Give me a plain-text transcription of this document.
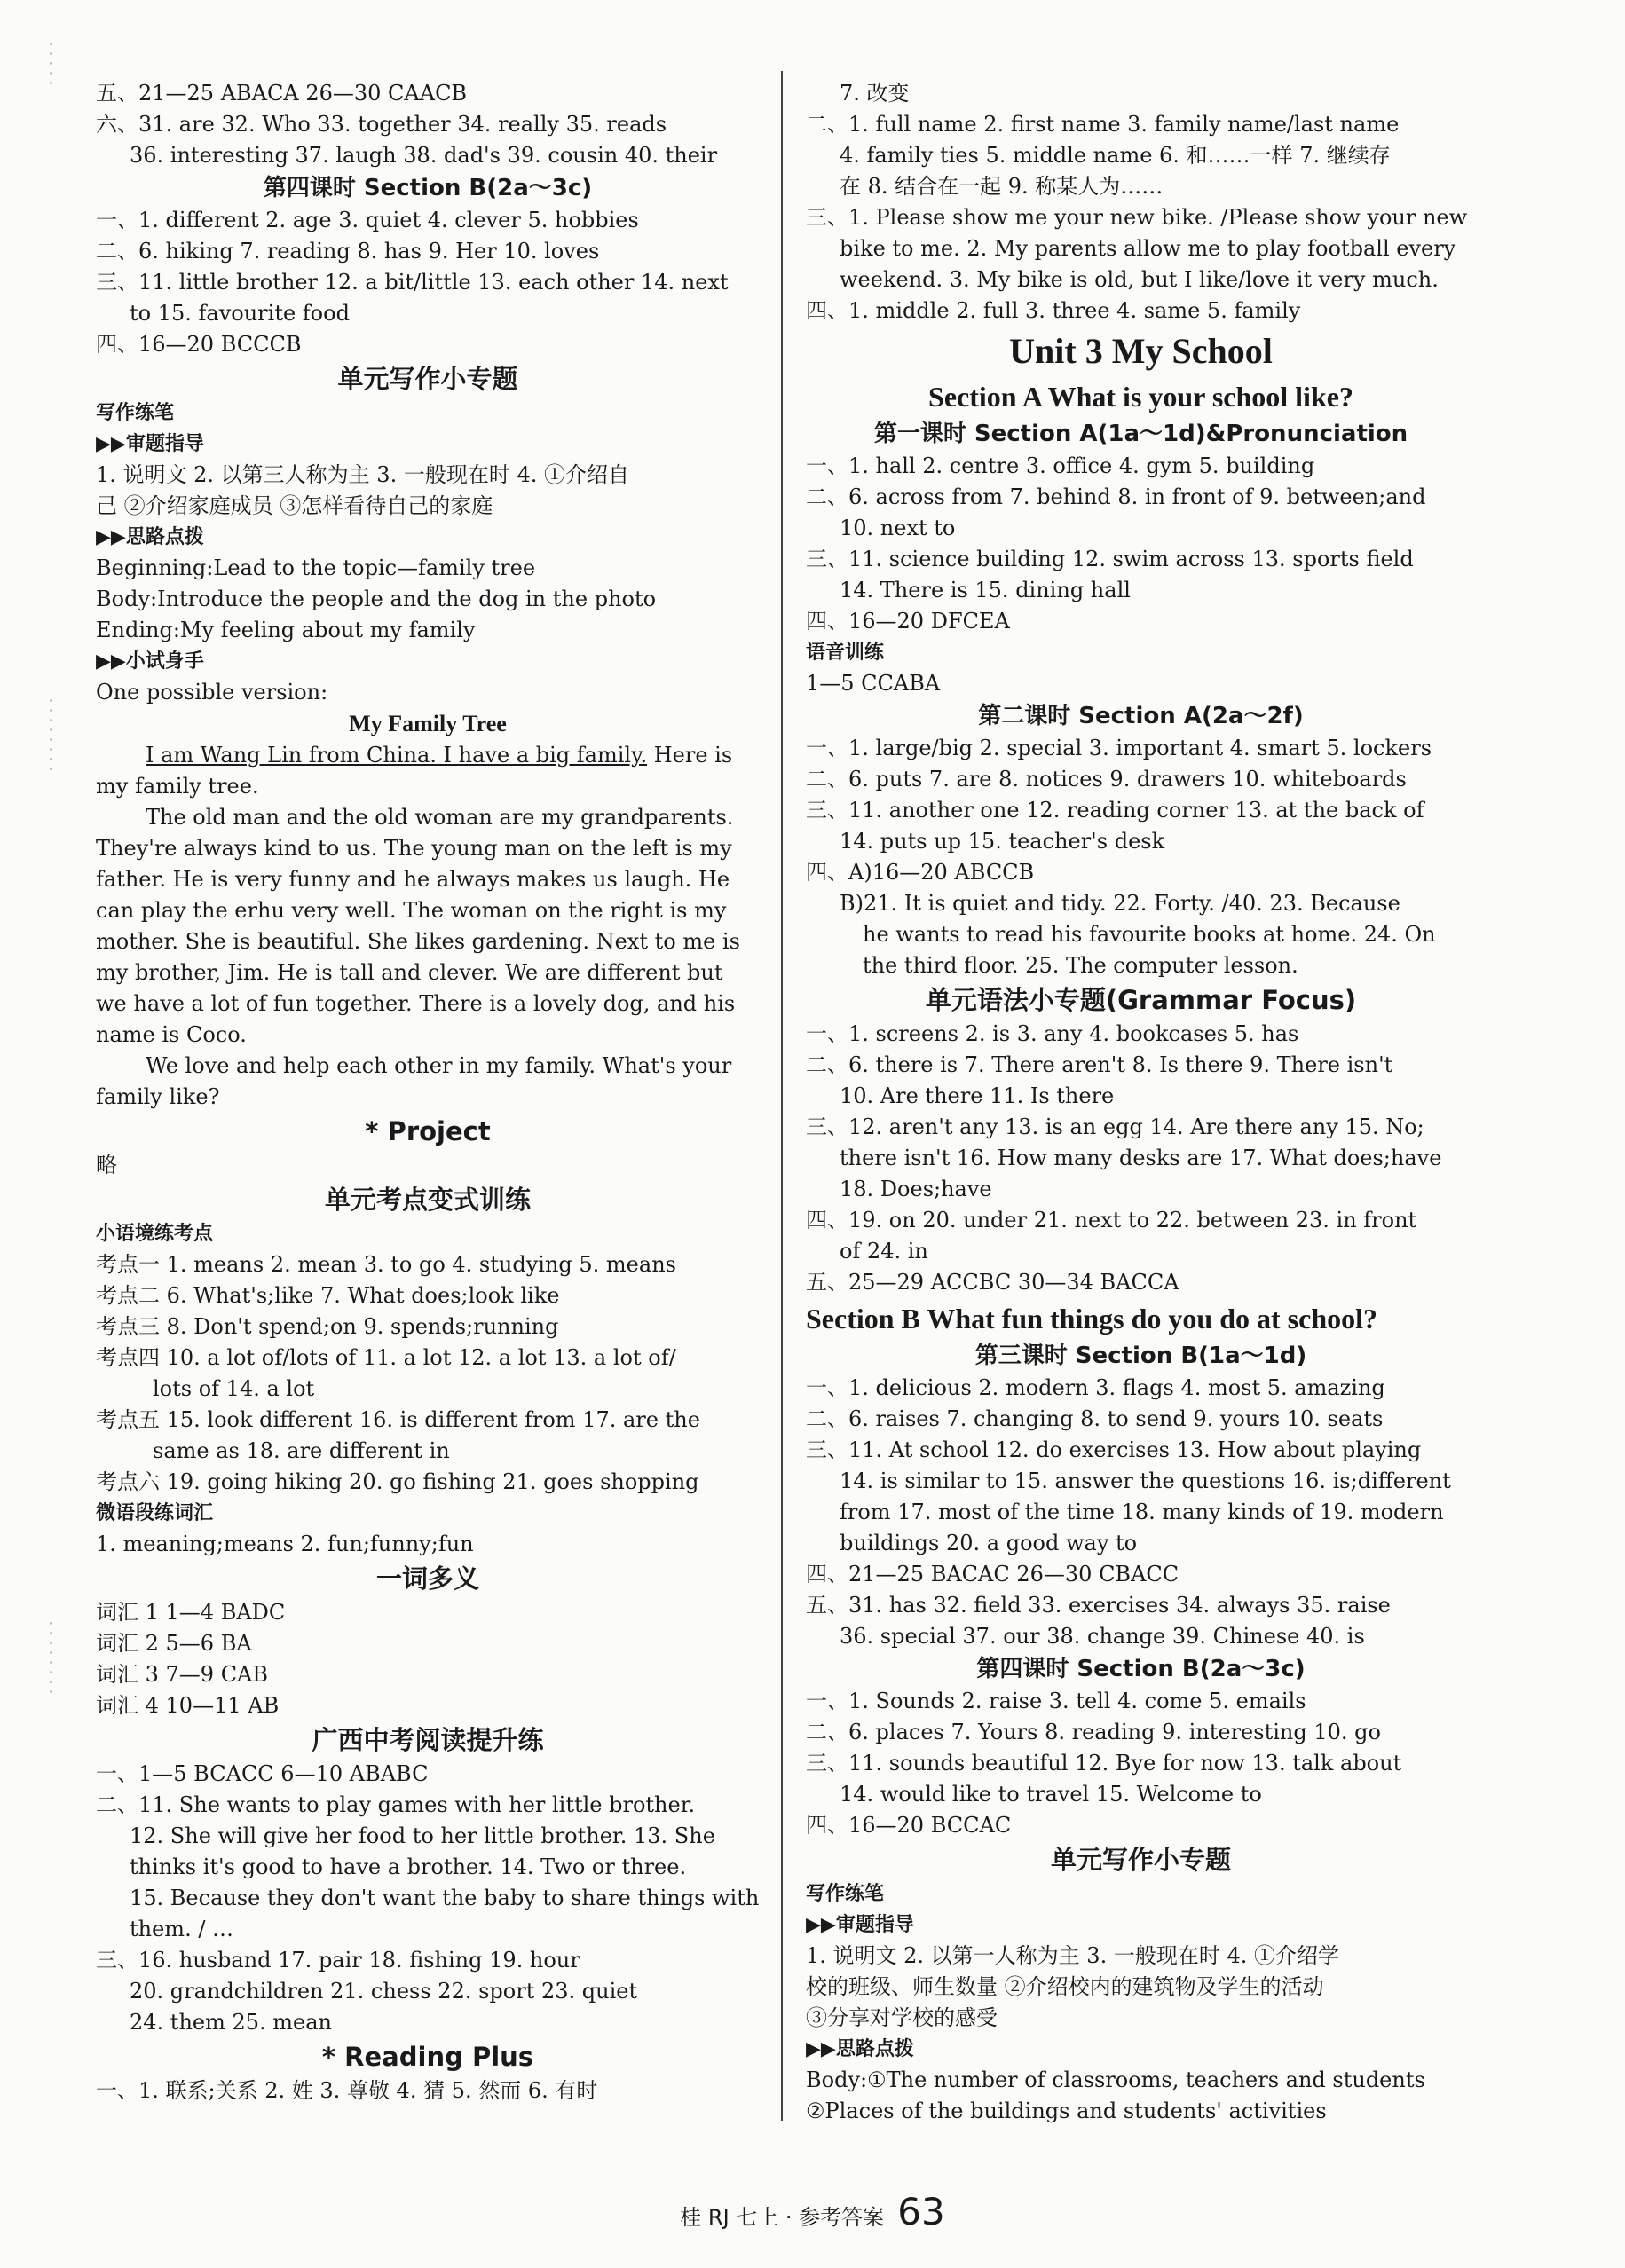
五、21—25 ABACA 26—30 CAACB
六、31. are 32. Who 33. together 34. really 35. reads
36. interesting 37. laugh 38. dad's 39. cousin 40. their
第四课时 Section B(2a～3c)
一、1. different 2. age 3. quiet 4. clever 5. hobbies
二、6. hiking 7. reading 8. has 9. Her 10. loves
三、11. little brother 12. a bit/little 13. each other 14. next
to 15. favourite food
四、16—20 BCCCB
单元写作小专题
写作练笔
▶▶审题指导
1. 说明文 2. 以第三人称为主 3. 一般现在时 4. ①介绍自
己 ②介绍家庭成员 ③怎样看待自己的家庭
▶▶思路点拨
Beginning:Lead to the topic—family tree
Body:Introduce the people and the dog in the photo
Ending:My feeling about my family
▶▶小试身手
One possible version:
My Family Tree

I am Wang Lin from China. I have a big family. Here is my family tree.

The old man and the old woman are my grandparents. They're always kind to us. The young man on the left is my father. He is very funny and he always makes us laugh. He can play the erhu very well. The woman on the right is my mother. She is beautiful. She likes gardening. Next to me is my brother, Jim. He is tall and clever. We are different but we have a lot of fun together. There is a lovely dog, and his name is Coco.

We love and help each other in my family. What's your family like?

* Project
略
单元考点变式训练
小语境练考点
考点一 1. means 2. mean 3. to go 4. studying 5. means
考点二 6. What's;like 7. What does;look like
考点三 8. Don't spend;on 9. spends;running
考点四 10. a lot of/lots of 11. a lot 12. a lot 13. a lot of/
lots of 14. a lot
考点五 15. look different 16. is different from 17. are the
same as 18. are different in
考点六 19. going hiking 20. go fishing 21. goes shopping
微语段练词汇
1. meaning;means 2. fun;funny;fun
一词多义
词汇 1 1—4 BADC
词汇 2 5—6 BA
词汇 3 7—9 CAB
词汇 4 10—11 AB
广西中考阅读提升练
一、1—5 BCACC 6—10 ABABC
二、11. She wants to play games with her little brother.
12. She will give her food to her little brother. 13. She
thinks it's good to have a brother. 14. Two or three.
15. Because they don't want the baby to share things with
them. / …
三、16. husband 17. pair 18. fishing 19. hour
20. grandchildren 21. chess 22. sport 23. quiet
24. them 25. mean
* Reading Plus
一、1. 联系;关系 2. 姓 3. 尊敬 4. 猜 5. 然而 6. 有时
7. 改变
二、1. full name 2. first name 3. family name/last name
4. family ties 5. middle name 6. 和……一样 7. 继续存
在 8. 结合在一起 9. 称某人为……
三、1. Please show me your new bike. /Please show your new
bike to me. 2. My parents allow me to play football every
weekend. 3. My bike is old, but I like/love it very much.
四、1. middle 2. full 3. three 4. same 5. family
Unit 3 My School
Section A What is your school like?
第一课时 Section A(1a～1d)&Pronunciation
一、1. hall 2. centre 3. office 4. gym 5. building
二、6. across from 7. behind 8. in front of 9. between;and
10. next to
三、11. science building 12. swim across 13. sports field
14. There is 15. dining hall
四、16—20 DFCEA
语音训练
1—5 CCABA
第二课时 Section A(2a～2f)
一、1. large/big 2. special 3. important 4. smart 5. lockers
二、6. puts 7. are 8. notices 9. drawers 10. whiteboards
三、11. another one 12. reading corner 13. at the back of
14. puts up 15. teacher's desk
四、A)16—20 ABCCB
B)21. It is quiet and tidy. 22. Forty. /40. 23. Because
he wants to read his favourite books at home. 24. On
the third floor. 25. The computer lesson.
单元语法小专题(Grammar Focus)
一、1. screens 2. is 3. any 4. bookcases 5. has
二、6. there is 7. There aren't 8. Is there 9. There isn't
10. Are there 11. Is there
三、12. aren't any 13. is an egg 14. Are there any 15. No;
there isn't 16. How many desks are 17. What does;have
18. Does;have
四、19. on 20. under 21. next to 22. between 23. in front
of 24. in
五、25—29 ACCBC 30—34 BACCA
Section B What fun things do you do at school?
第三课时 Section B(1a～1d)
一、1. delicious 2. modern 3. flags 4. most 5. amazing
二、6. raises 7. changing 8. to send 9. yours 10. seats
三、11. At school 12. do exercises 13. How about playing
14. is similar to 15. answer the questions 16. is;different
from 17. most of the time 18. many kinds of 19. modern
buildings 20. a good way to
四、21—25 BACAC 26—30 CBACC
五、31. has 32. field 33. exercises 34. always 35. raise
36. special 37. our 38. change 39. Chinese 40. is
第四课时 Section B(2a～3c)
一、1. Sounds 2. raise 3. tell 4. come 5. emails
二、6. places 7. Yours 8. reading 9. interesting 10. go
三、11. sounds beautiful 12. Bye for now 13. talk about
14. would like to travel 15. Welcome to
四、16—20 BCCAC
单元写作小专题
写作练笔
▶▶审题指导
1. 说明文 2. 以第一人称为主 3. 一般现在时 4. ①介绍学
校的班级、师生数量 ②介绍校内的建筑物及学生的活动
③分享对学校的感受
▶▶思路点拨
Body:①The number of classrooms, teachers and students
②Places of the buildings and students' activities
桂 RJ 七上 · 参考答案 63
